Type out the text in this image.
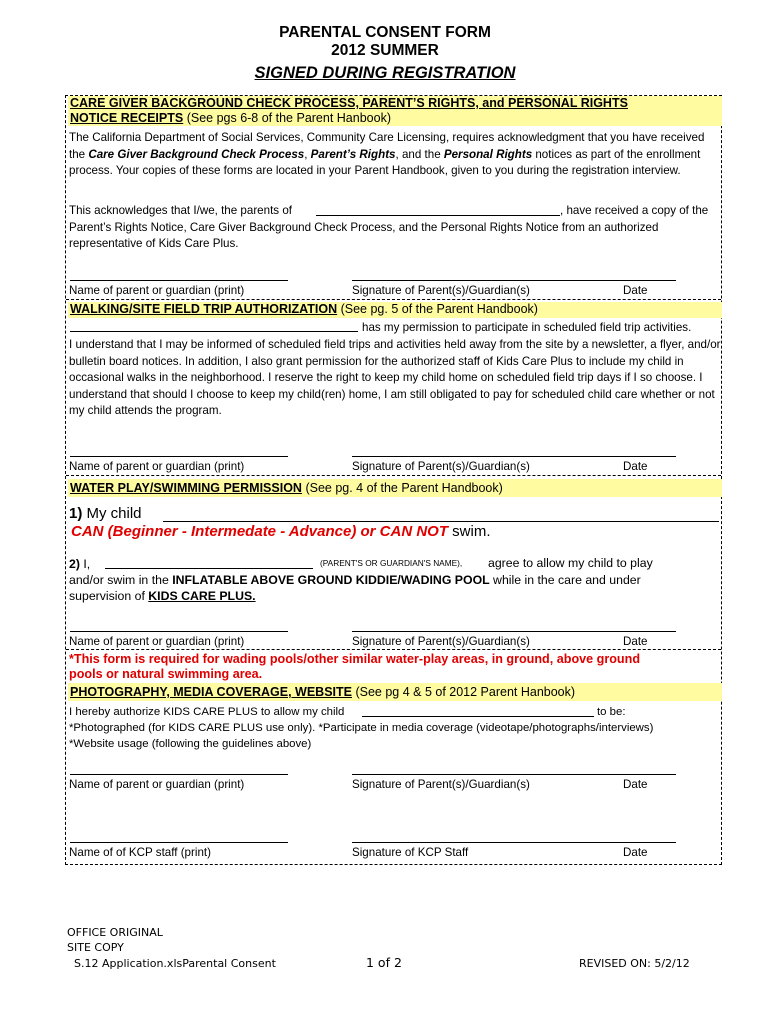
PARENTAL CONSENT FORM
2012 SUMMER
SIGNED DURING REGISTRATION
CARE GIVER BACKGROUND CHECK PROCESS, PARENT’S RIGHTS, and PERSONAL RIGHTS
NOTICE RECEIPTS (See pgs 6-8 of the Parent Hanbook)
The California Department of Social Services, Community Care Licensing, requires acknowledgment that you have received the Care Giver Background Check Process, Parent’s Rights, and the Personal Rights notices as part of the enrollment process. Your copies of these forms are located in your Parent Handbook, given to you during the registration interview.
This acknowledges that I/we, the parents of	, have received a copy of the
Parent’s Rights Notice, Care Giver Background Check Process, and the Personal Rights Notice from an authorized representative of Kids Care Plus.
Name of parent or guardian (print)	Signature of Parent(s)/Guardian(s)	Date
WALKING/SITE FIELD TRIP AUTHORIZATION (See pg. 5 of the Parent Handbook)
has my permission to participate in scheduled field trip activities.
I understand that I may be informed of scheduled field trips and activities held away from the site by a newsletter, a flyer, and/or bulletin board notices. In addition, I also grant permission for the authorized staff of Kids Care Plus to include my child in occasional walks in the neighborhood. I reserve the right to keep my child home on scheduled field trip days if I so choose. I understand that should I choose to keep my child(ren) home, I am still obligated to pay for scheduled child care whether or not my child attends the program.
Name of parent or guardian (print)	Signature of Parent(s)/Guardian(s)	Date
WATER PLAY/SWIMMING PERMISSION (See pg. 4 of the Parent Handbook)
1) My child
CAN (Beginner - Intermedate - Advance) or CAN NOT swim.
2) I,	(PARENT'S OR GUARDIAN'S NAME), agree to allow my child to play
and/or swim in the INFLATABLE ABOVE GROUND KIDDIE/WADING POOL while in the care and under
supervision of KIDS CARE PLUS.
Name of parent or guardian (print)	Signature of Parent(s)/Guardian(s)	Date
*This form is required for wading pools/other similar water-play areas, in ground, above ground
pools or natural swimming area.
PHOTOGRAPHY, MEDIA COVERAGE, WEBSITE (See pg 4 & 5 of 2012 Parent Hanbook)
I hereby authorize KIDS CARE PLUS to allow my child	to be:
*Photographed (for KIDS CARE PLUS use only). *Participate in media coverage (videotape/photographs/interviews)
*Website usage (following the guidelines above)
Name of parent or guardian (print)	Signature of Parent(s)/Guardian(s)	Date
Name of of KCP staff (print)	Signature of KCP Staff	Date
OFFICE ORIGINAL
SITE COPY
S.12 Application.xlsParental Consent	1 of 2	REVISED ON: 5/2/12
